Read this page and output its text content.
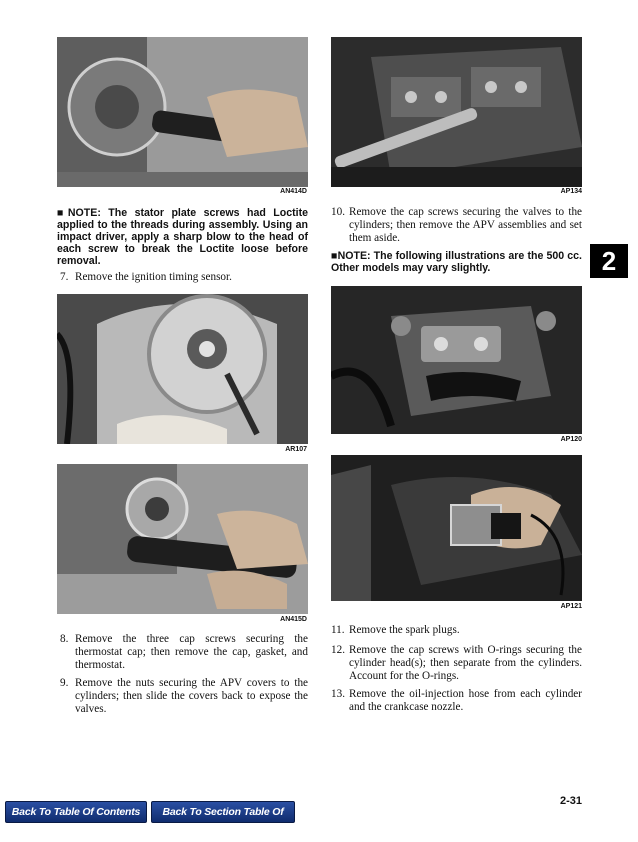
AN414D
■NOTE: The stator plate screws had Loctite applied to the threads during assembly. Using an impact driver, apply a sharp blow to the head of each screw to break the Loctite loose before removal.
7. Remove the ignition timing sensor.
AR107
AN415D
8. Remove the three cap screws securing the thermostat cap; then remove the cap, gasket, and thermostat.
9. Remove the nuts securing the APV covers to the cylinders; then slide the covers back to expose the valves.
AP134
10. Remove the cap screws securing the valves to the cylinders; then remove the APV assemblies and set them aside.
■NOTE: The following illustrations are the 500 cc. Other models may vary slightly.
AP120
AP121
11. Remove the spark plugs.
12. Remove the cap screws with O-rings securing the cylinder head(s); then separate from the cylinders. Account for the O-rings.
13. Remove the oil-injection hose from each cylinder and the crankcase nozzle.
2
2-31
Back To Table Of Contents	Back To Section Table Of Contents
